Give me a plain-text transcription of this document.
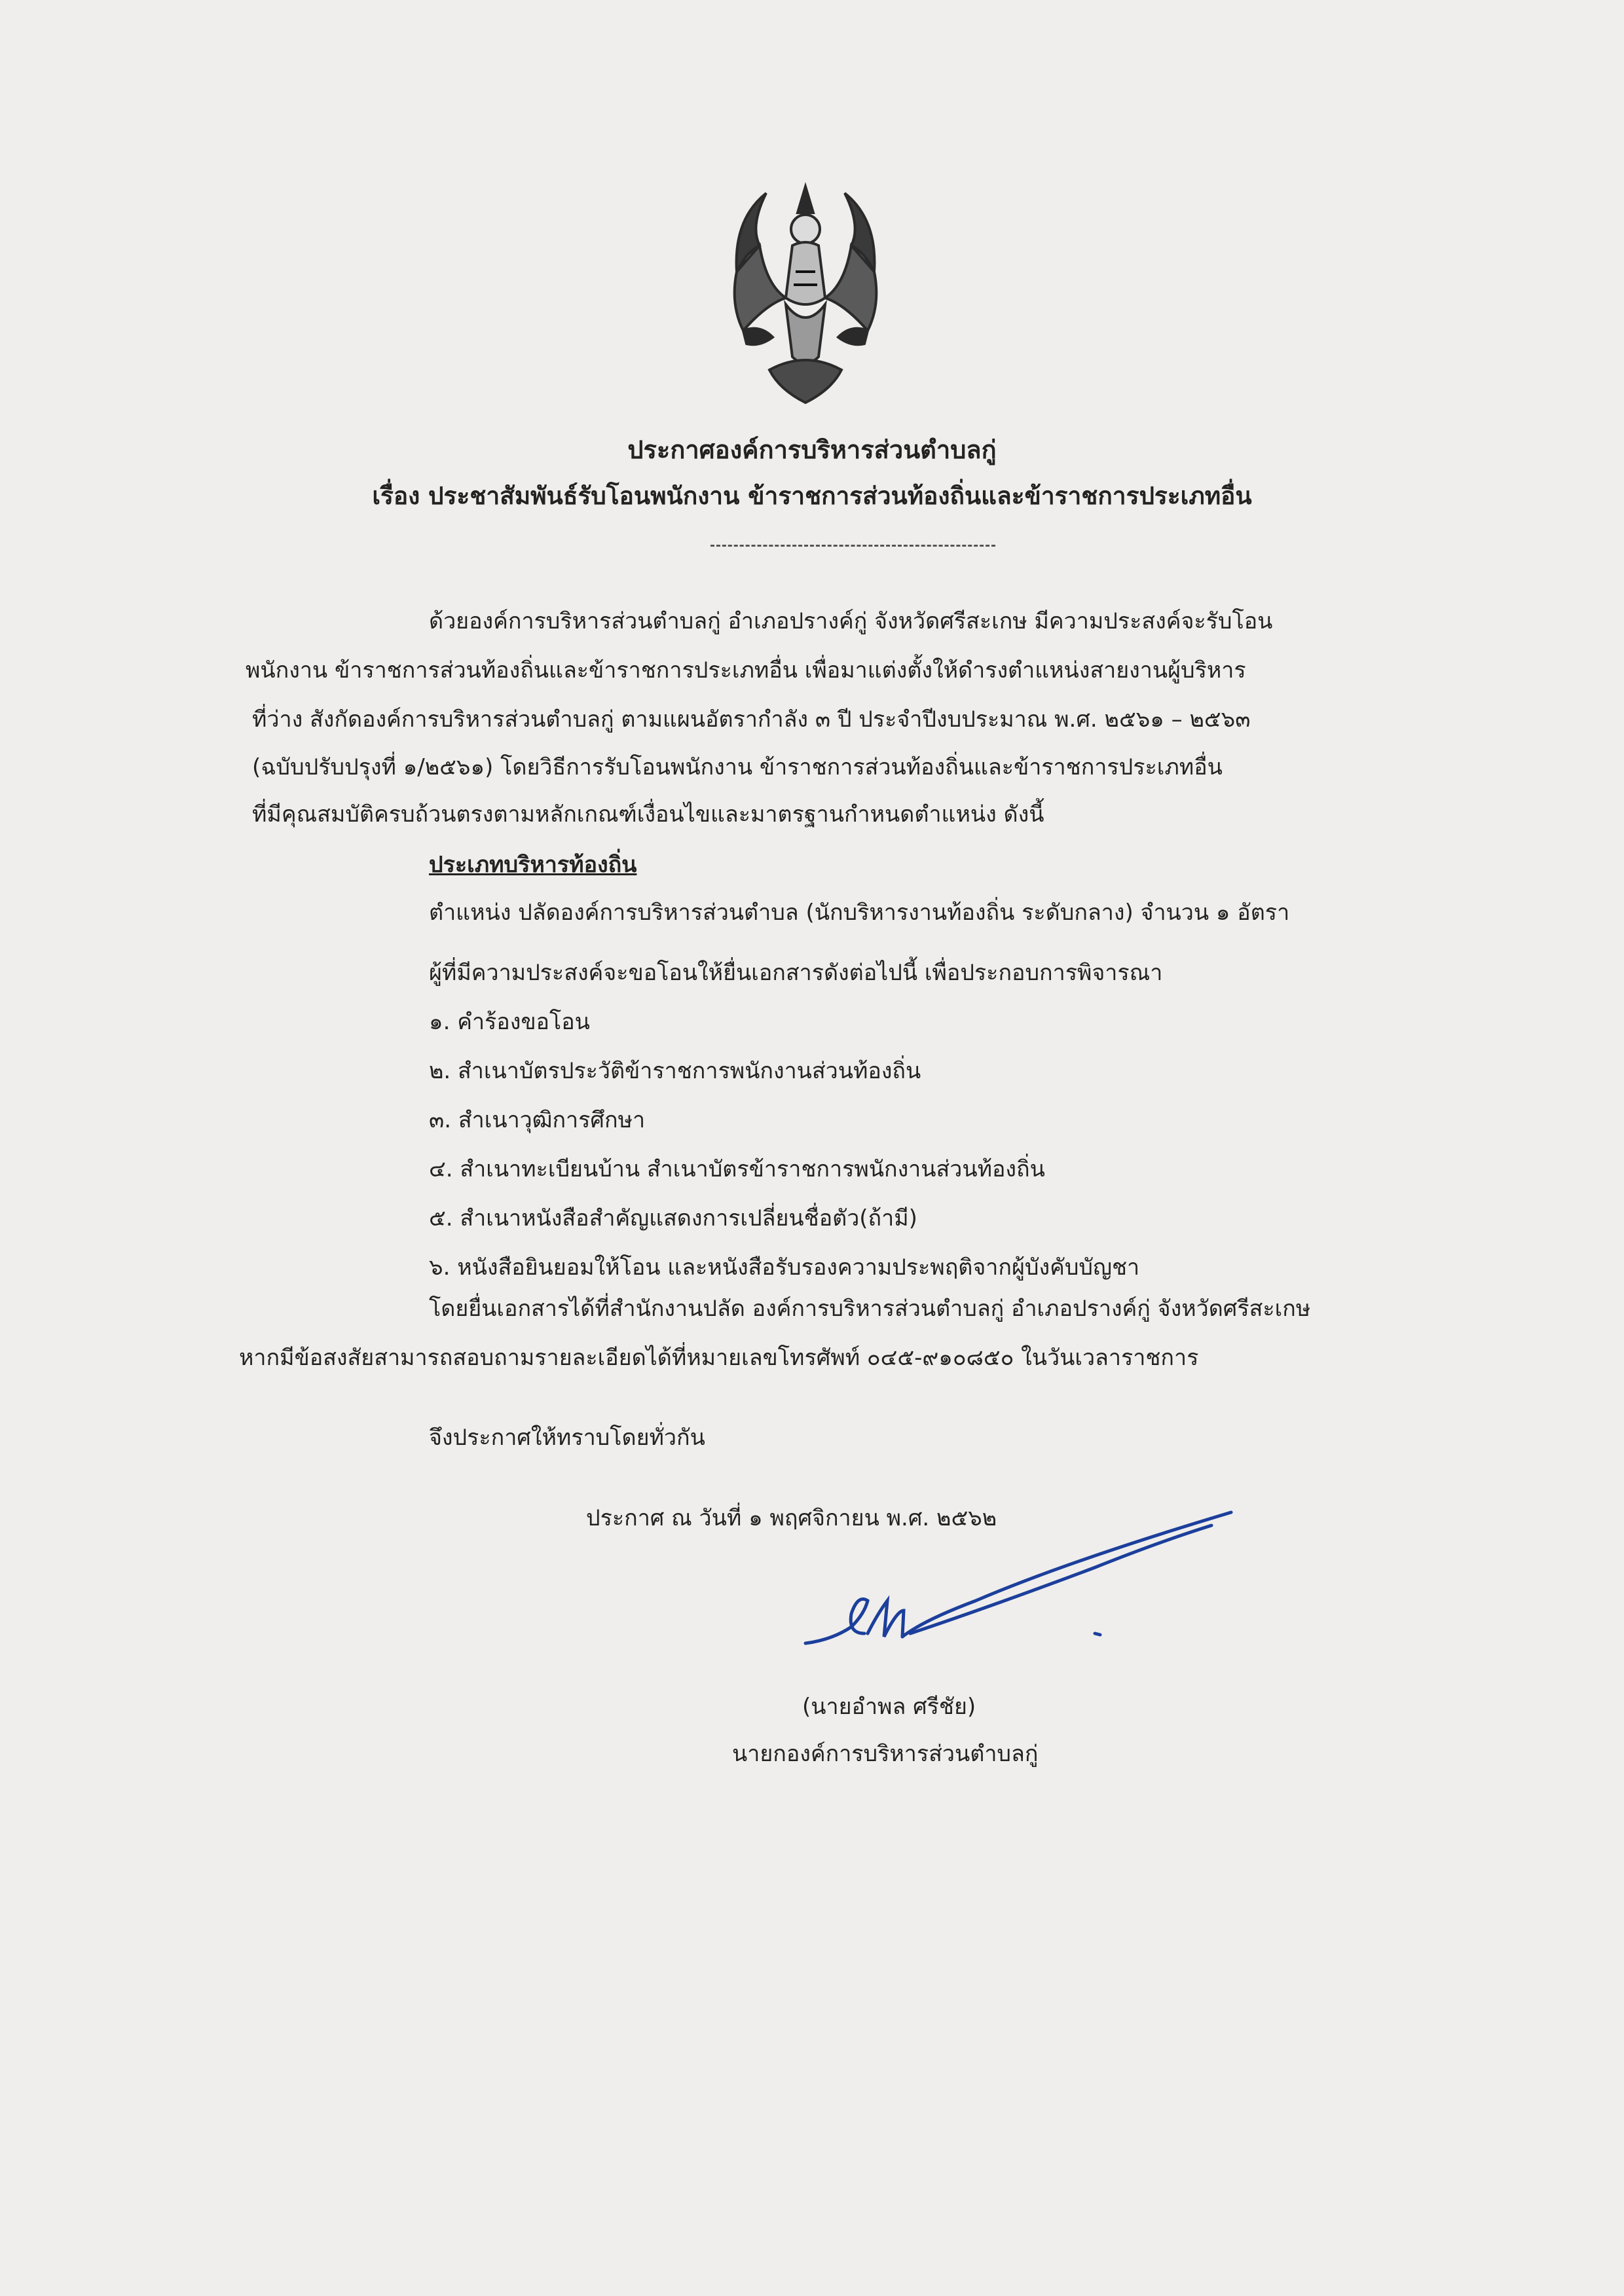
ประกาศองค์การบริหารส่วนตำบลกู่
เรื่อง ประชาสัมพันธ์รับโอนพนักงาน ข้าราชการส่วนท้องถิ่นและข้าราชการประเภทอื่น
ด้วยองค์การบริหารส่วนตำบลกู่ อำเภอปรางค์กู่ จังหวัดศรีสะเกษ มีความประสงค์จะรับโอน
พนักงาน ข้าราชการส่วนท้องถิ่นและข้าราชการประเภทอื่น เพื่อมาแต่งตั้งให้ดำรงตำแหน่งสายงานผู้บริหาร
ที่ว่าง สังกัดองค์การบริหารส่วนตำบลกู่ ตามแผนอัตรากำลัง ๓ ปี ประจำปีงบประมาณ พ.ศ. ๒๕๖๑ – ๒๕๖๓
(ฉบับปรับปรุงที่ ๑/๒๕๖๑) โดยวิธีการรับโอนพนักงาน ข้าราชการส่วนท้องถิ่นและข้าราชการประเภทอื่น
ที่มีคุณสมบัติครบถ้วนตรงตามหลักเกณฑ์เงื่อนไขและมาตรฐานกำหนดตำแหน่ง ดังนี้
ประเภทบริหารท้องถิ่น
ตำแหน่ง ปลัดองค์การบริหารส่วนตำบล (นักบริหารงานท้องถิ่น ระดับกลาง) จำนวน ๑ อัตรา
ผู้ที่มีความประสงค์จะขอโอนให้ยื่นเอกสารดังต่อไปนี้ เพื่อประกอบการพิจารณา
๑. คำร้องขอโอน
๒. สำเนาบัตรประวัติข้าราชการพนักงานส่วนท้องถิ่น
๓. สำเนาวุฒิการศึกษา
๔. สำเนาทะเบียนบ้าน สำเนาบัตรข้าราชการพนักงานส่วนท้องถิ่น
๕. สำเนาหนังสือสำคัญแสดงการเปลี่ยนชื่อตัว(ถ้ามี)
๖. หนังสือยินยอมให้โอน และหนังสือรับรองความประพฤติจากผู้บังคับบัญชา
โดยยื่นเอกสารได้ที่สำนักงานปลัด องค์การบริหารส่วนตำบลกู่ อำเภอปรางค์กู่ จังหวัดศรีสะเกษ
หากมีข้อสงสัยสามารถสอบถามรายละเอียดได้ที่หมายเลขโทรศัพท์ ๐๔๕-๙๑๐๘๕๐ ในวันเวลาราชการ
จึงประกาศให้ทราบโดยทั่วกัน
ประกาศ ณ วันที่ ๑ พฤศจิกายน พ.ศ. ๒๕๖๒
(นายอำพล ศรีชัย)
นายกองค์การบริหารส่วนตำบลกู่
